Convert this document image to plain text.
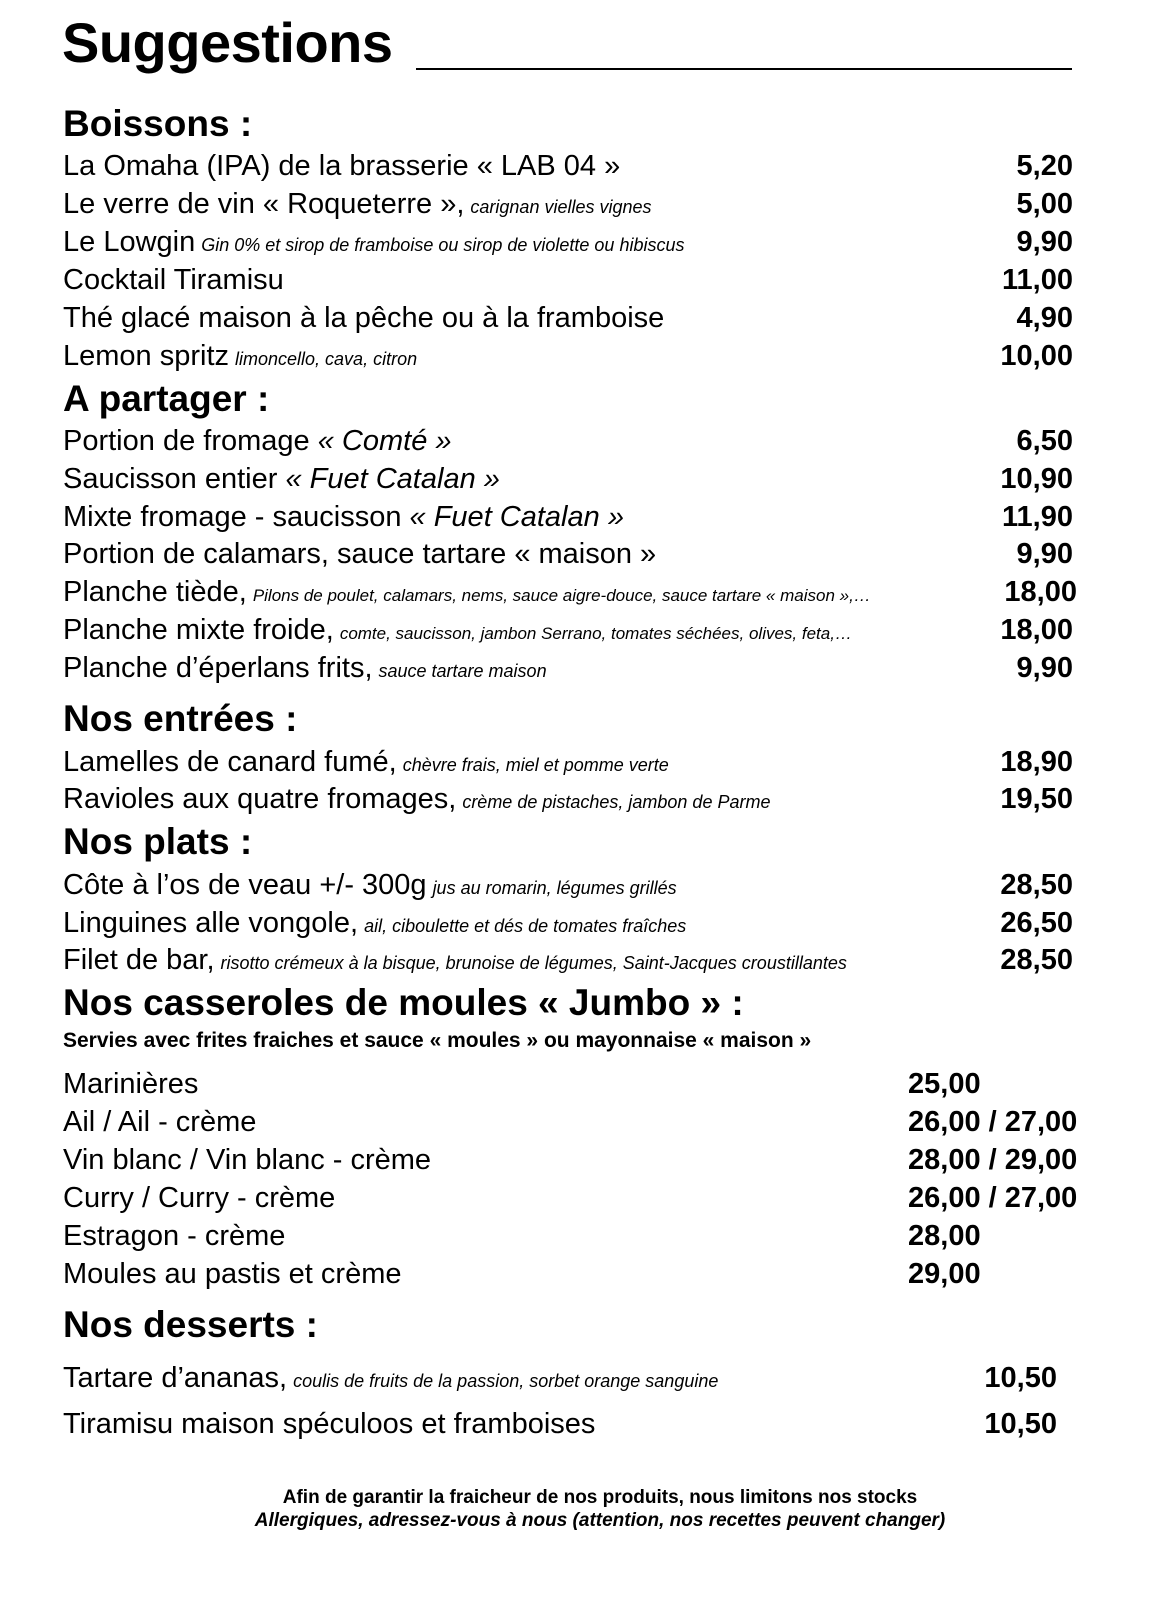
Suggestions
Boissons :
La Omaha (IPA) de la brasserie « LAB 04 »	5,20
Le verre de vin « Roqueterre », carignan vielles vignes	5,00
Le Lowgin Gin 0% et sirop de framboise ou sirop de violette ou hibiscus	9,90
Cocktail Tiramisu	11,00
Thé glacé maison à la pêche ou à la framboise	4,90
Lemon spritz limoncello, cava, citron	10,00
A partager :
Portion de fromage « Comté »	6,50
Saucisson entier « Fuet Catalan »	10,90
Mixte fromage - saucisson « Fuet Catalan »	11,90
Portion de calamars, sauce tartare « maison »	9,90
Planche tiède, Pilons de poulet, calamars, nems, sauce aigre-douce, sauce tartare « maison »,…	18,00
Planche mixte froide, comte, saucisson, jambon Serrano, tomates séchées, olives, feta,…	18,00
Planche d’éperlans frits, sauce tartare maison	9,90
Nos entrées :
Lamelles de canard fumé, chèvre frais, miel et pomme verte	18,90
Ravioles aux quatre fromages, crème de pistaches, jambon de Parme	19,50
Nos plats :
Côte à l’os de veau +/- 300g jus au romarin, légumes grillés	28,50
Linguines alle vongole, ail, ciboulette et dés de tomates fraîches	26,50
Filet de bar, risotto crémeux à la bisque, brunoise de légumes, Saint-Jacques croustillantes	28,50
Nos casseroles de moules « Jumbo » :
Servies avec frites fraiches et sauce « moules » ou mayonnaise « maison »
Marinières	25,00
Ail / Ail - crème	26,00 / 27,00
Vin blanc / Vin blanc - crème	28,00 / 29,00
Curry / Curry - crème	26,00 / 27,00
Estragon - crème	28,00
Moules au pastis et crème	29,00
Nos desserts :
Tartare d’ananas, coulis de fruits de la passion, sorbet orange sanguine	10,50
Tiramisu maison spéculoos et framboises	10,50
Afin de garantir la fraicheur de nos produits, nous limitons nos stocks
Allergiques, adressez-vous à nous (attention, nos recettes peuvent changer)
